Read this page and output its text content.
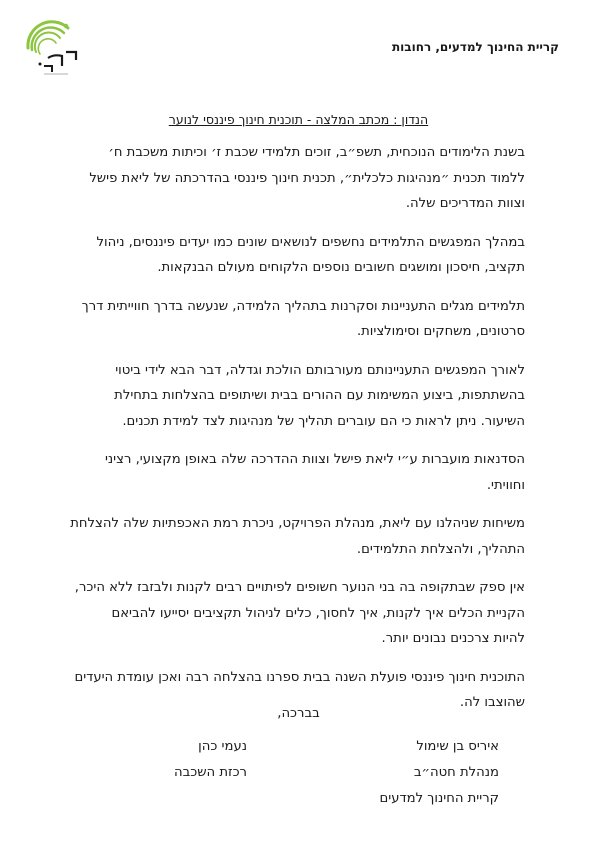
קריית החינוך למדעים, רחובות
הנדון : מכתב המלצה - תוכנית חינוך פיננסי לנוער

בשנת הלימודים הנוכחית, תשפ״ב, זוכים תלמידי שכבת ז׳ וכיתות משכבת ח׳
ללמוד תכנית ״מנהיגות כלכלית״, תכנית חינוך פיננסי בהדרכתה של ליאת פישל
וצוות המדריכים שלה.

במהלך המפגשים התלמידים נחשפים לנושאים שונים כמו יעדים פיננסים, ניהול
תקציב, חיסכון ומושגים חשובים נוספים הלקוחים מעולם הבנקאות.

תלמידים מגלים התעניינות וסקרנות בתהליך הלמידה, שנעשה בדרך חווייתית דרך
סרטונים, משחקים וסימולציות.

לאורך המפגשים התעניינותם מעורבותם הולכת וגדלה, דבר הבא לידי ביטוי
בהשתתפות, ביצוע המשימות עם ההורים בבית ושיתופים בהצלחות בתחילת
השיעור. ניתן לראות כי הם עוברים תהליך של מנהיגות לצד למידת תכנים.

הסדנאות מועברות ע״י ליאת פישל וצוות ההדרכה שלה באופן מקצועי, רציני
וחוויתי.

משיחות שניהלנו עם ליאת, מנהלת הפרויקט, ניכרת רמת האכפתיות שלה להצלחת
התהליך, ולהצלחת התלמידים.

אין ספק שבתקופה בה בני הנוער חשופים לפיתויים רבים לקנות ולבזבז ללא היכר,
הקניית הכלים איך לקנות, איך לחסוך, כלים לניהול תקציבים יסייעו להביאם
להיות צרכנים נבונים יותר.

התוכנית חינוך פיננסי פועלת השנה בבית ספרנו בהצלחה רבה ואכן עומדת היעדים
שהוצבו לה.

בברכה,
איריס בן שימול
מנהלת חטה״ב
קריית החינוך למדעים
נעמי כהן
רכזת השכבה
